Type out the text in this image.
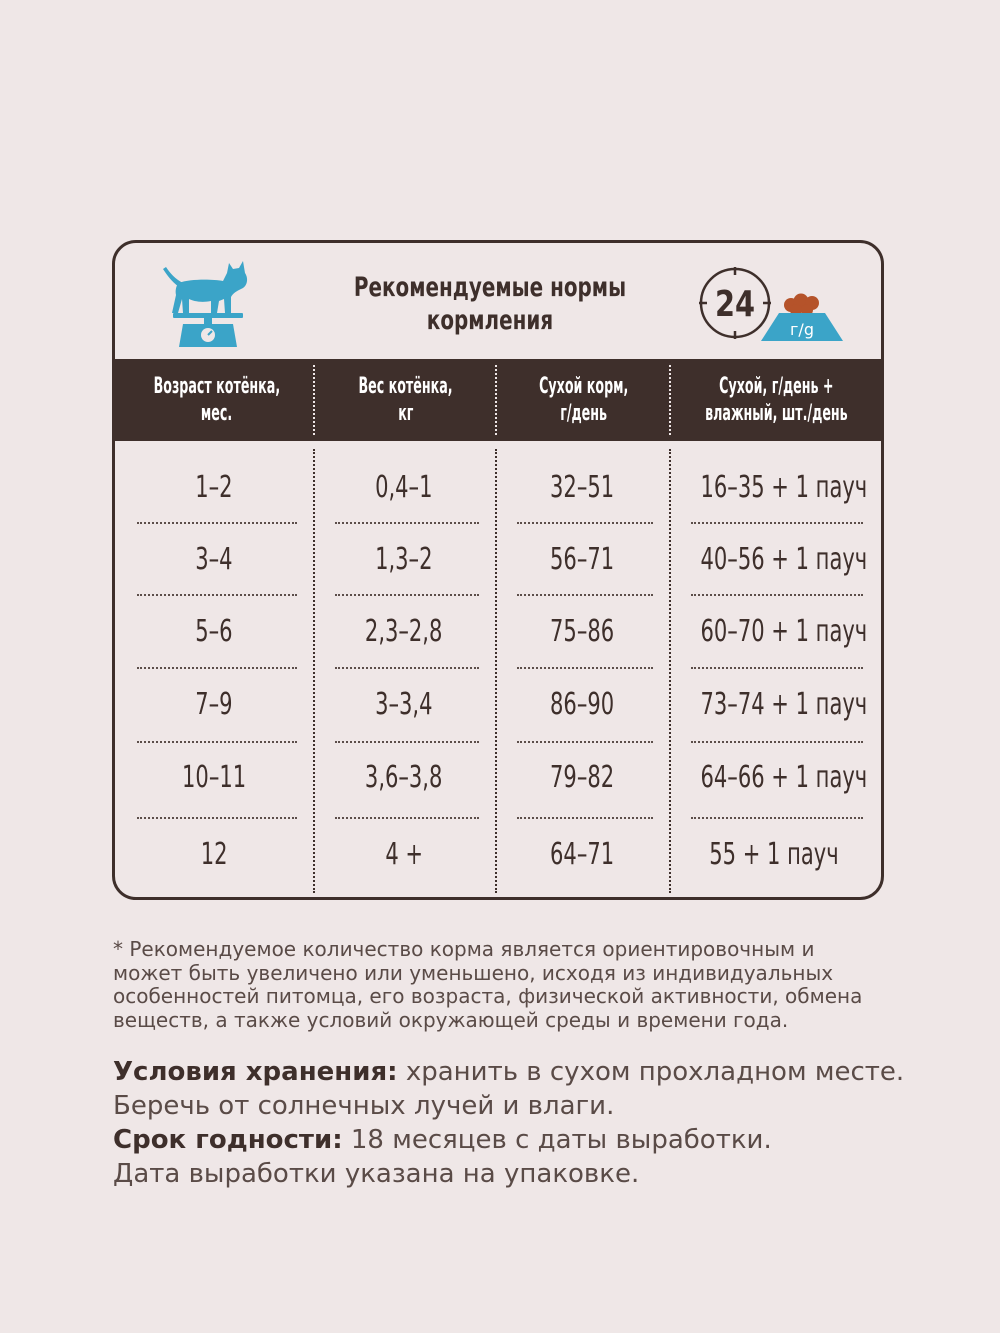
Рекомендуемые нормы
кормления	24
г/g
Возраст котёнка,
мес.
Вес котёнка,
кг
Сухой корм,
г/день
Сухой, г/день +
влажный, шт./день
1–2	0,4–1	32–51	16–35 + 1 пауч
3–4	1,3–2	56–71	40–56 + 1 пауч
5–6	2,3–2,8	75–86	60–70 + 1 пауч
7–9	3–3,4	86–90	73–74 + 1 пауч
10–11	3,6–3,8	79–82	64–66 + 1 пауч
12	4 +	64–71	55 + 1 пауч
* Рекомендуемое количество корма является ориентировочным и
может быть увеличено или уменьшено, исходя из индивидуальных
особенностей питомца, его возраста, физической активности, обмена
веществ, а также условий окружающей среды и времени года.
Условия хранения: хранить в сухом прохладном месте.
Беречь от солнечных лучей и влаги.
Срок годности: 18 месяцев с даты выработки.
Дата выработки указана на упаковке.
